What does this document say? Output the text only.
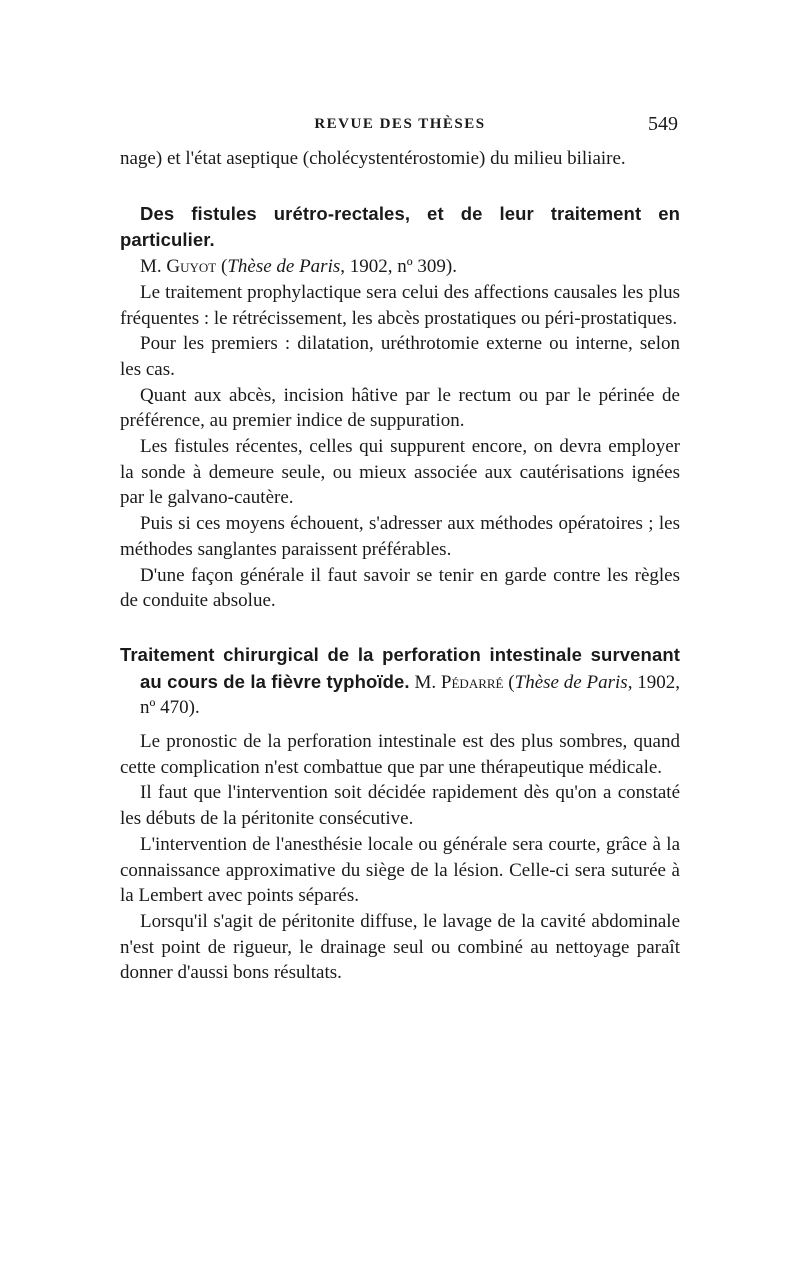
REVUE DES THÈSES	549

nage) et l'état aseptique (cholécystentérostomie) du milieu biliaire.

Des fistules urétro-rectales, et de leur traitement en particulier.

M. Guyot (Thèse de Paris, 1902, nº 309).

Le traitement prophylactique sera celui des affections causales les plus fréquentes : le rétrécissement, les abcès prostatiques ou péri-prostatiques.

Pour les premiers : dilatation, uréthrotomie externe ou interne, selon les cas.

Quant aux abcès, incision hâtive par le rectum ou par le périnée de préférence, au premier indice de suppuration.

Les fistules récentes, celles qui suppurent encore, on devra employer la sonde à demeure seule, ou mieux associée aux cautérisations ignées par le galvano-cautère.

Puis si ces moyens échouent, s'adresser aux méthodes opératoires ; les méthodes sanglantes paraissent préférables.

D'une façon générale il faut savoir se tenir en garde contre les règles de conduite absolue.

Traitement chirurgical de la perforation intestinale survenant au cours de la fièvre typhoïde. M. Pédarré (Thèse de Paris, 1902, nº 470).

Le pronostic de la perforation intestinale est des plus sombres, quand cette complication n'est combattue que par une thérapeutique médicale.

Il faut que l'intervention soit décidée rapidement dès qu'on a constaté les débuts de la péritonite consécutive.

L'intervention de l'anesthésie locale ou générale sera courte, grâce à la connaissance approximative du siège de la lésion. Celle-ci sera suturée à la Lembert avec points séparés.

Lorsqu'il s'agit de péritonite diffuse, le lavage de la cavité abdominale n'est point de rigueur, le drainage seul ou combiné au nettoyage paraît donner d'aussi bons résultats.
